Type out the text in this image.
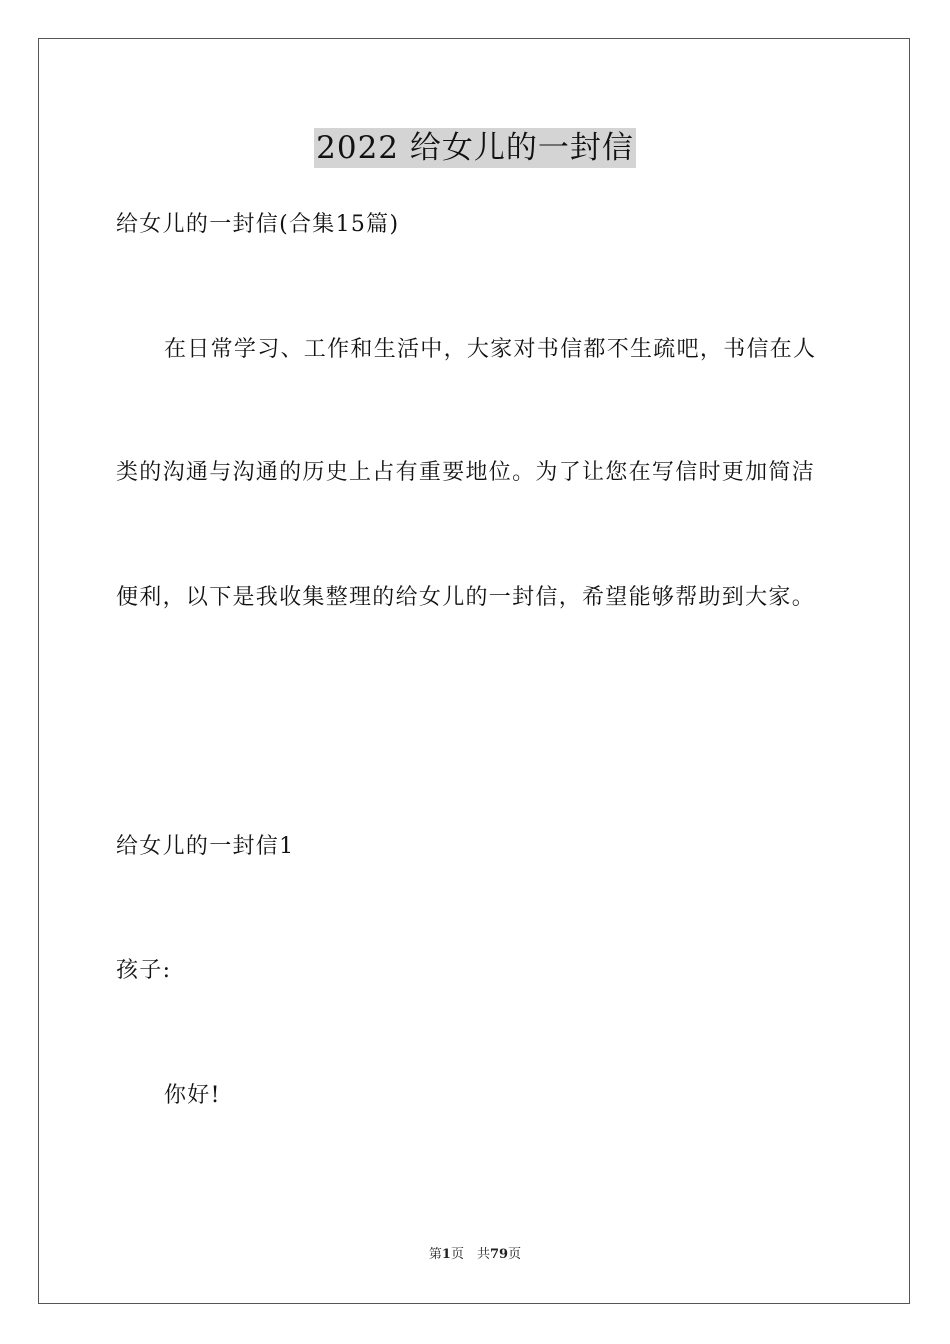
2022 给女儿的一封信

给女儿的一封信(合集15篇)

在日常学习、工作和生活中，大家对书信都不生疏吧，书信在人

类的沟通与沟通的历史上占有重要地位。为了让您在写信时更加简洁

便利，以下是我收集整理的给女儿的一封信，希望能够帮助到大家。

给女儿的一封信1

孩子:

你好!

第1页　共79页
